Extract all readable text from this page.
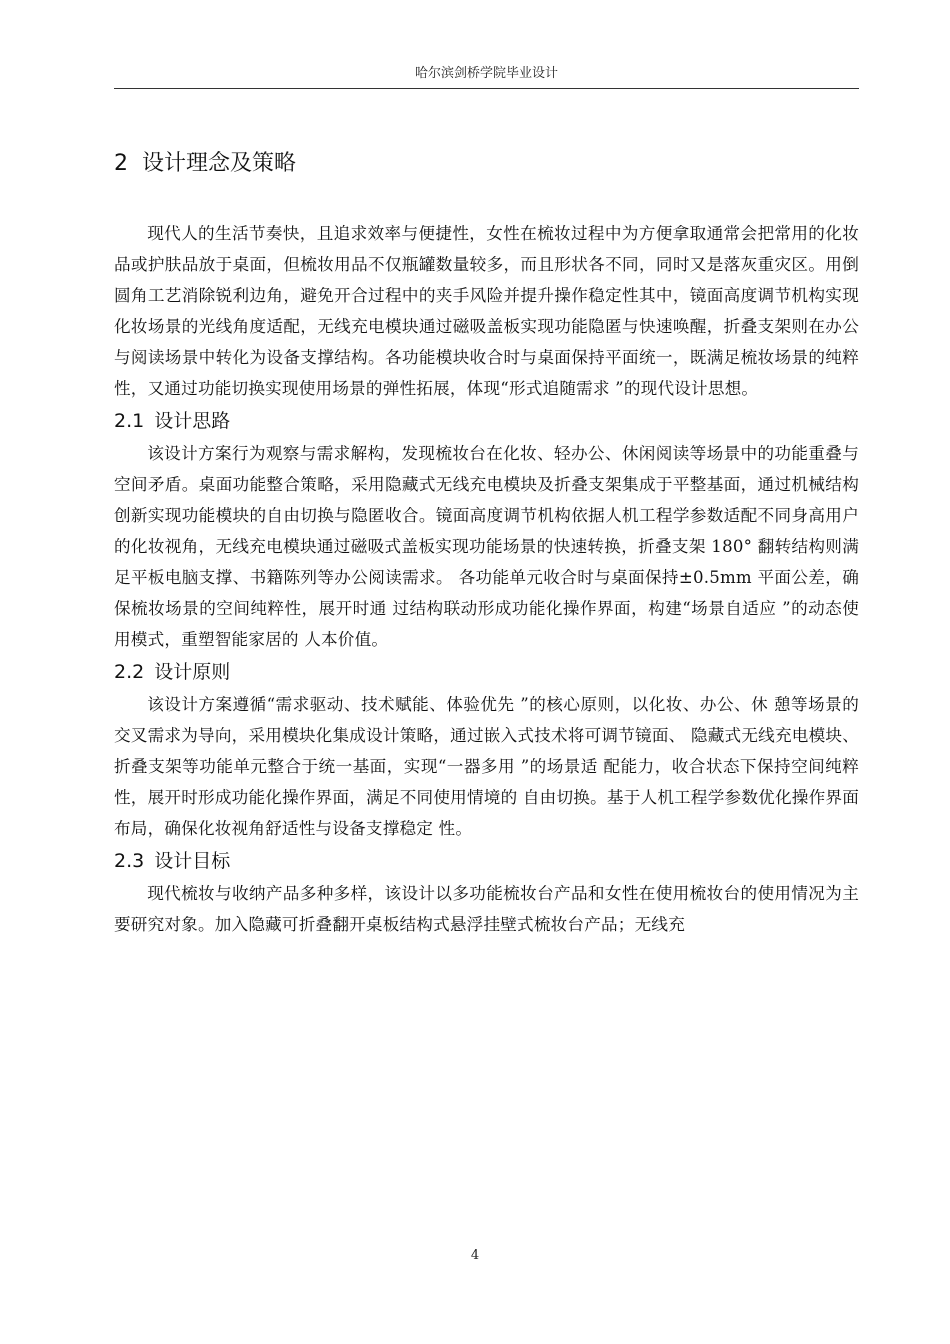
哈尔滨剑桥学院毕业设计
2 设计理念及策略

现代人的生活节奏快，且追求效率与便捷性，女性在梳妆过程中为方便拿取通常会把常用的化妆品或护肤品放于桌面，但梳妆用品不仅瓶罐数量较多，而且形状各不同，同时又是落灰重灾区。用倒圆角工艺消除锐利边角，避免开合过程中的夹手风险并提升操作稳定性其中，镜面高度调节机构实现化妆场景的光线角度适配，无线充电模块通过磁吸盖板实现功能隐匿与快速唤醒，折叠支架则在办公与阅读场景中转化为设备支撑结构。各功能模块收合时与桌面保持平面统一，既满足梳妆场景的纯粹性，又通过功能切换实现使用场景的弹性拓展，体现“形式追随需求 ”的现代设计思想。

2.1 设计思路

该设计方案行为观察与需求解构，发现梳妆台在化妆、轻办公、休闲阅读等场景中的功能重叠与空间矛盾。桌面功能整合策略，采用隐藏式无线充电模块及折叠支架集成于平整基面，通过机械结构创新实现功能模块的自由切换与隐匿收合。镜面高度调节机构依据人机工程学参数适配不同身高用户的化妆视角，无线充电模块通过磁吸式盖板实现功能场景的快速转换，折叠支架 180° 翻转结构则满足平板电脑支撑、书籍陈列等办公阅读需求。 各功能单元收合时与桌面保持±0.5mm 平面公差，确保梳妆场景的空间纯粹性，展开时通 过结构联动形成功能化操作界面，构建“场景自适应 ”的动态使用模式，重塑智能家居的 人本价值。

2.2 设计原则

该设计方案遵循“需求驱动、技术赋能、体验优先 ”的核心原则，以化妆、办公、休 憩等场景的交叉需求为导向，采用模块化集成设计策略，通过嵌入式技术将可调节镜面、 隐藏式无线充电模块、折叠支架等功能单元整合于统一基面，实现“一器多用 ”的场景适 配能力，收合状态下保持空间纯粹性，展开时形成功能化操作界面，满足不同使用情境的 自由切换。基于人机工程学参数优化操作界面布局，确保化妆视角舒适性与设备支撑稳定 性。

2.3 设计目标

现代梳妆与收纳产品多种多样，该设计以多功能梳妆台产品和女性在使用梳妆台的使用情况为主要研究对象。加入隐藏可折叠翻开桌板结构式悬浮挂壁式梳妆台产品；无线充

4
